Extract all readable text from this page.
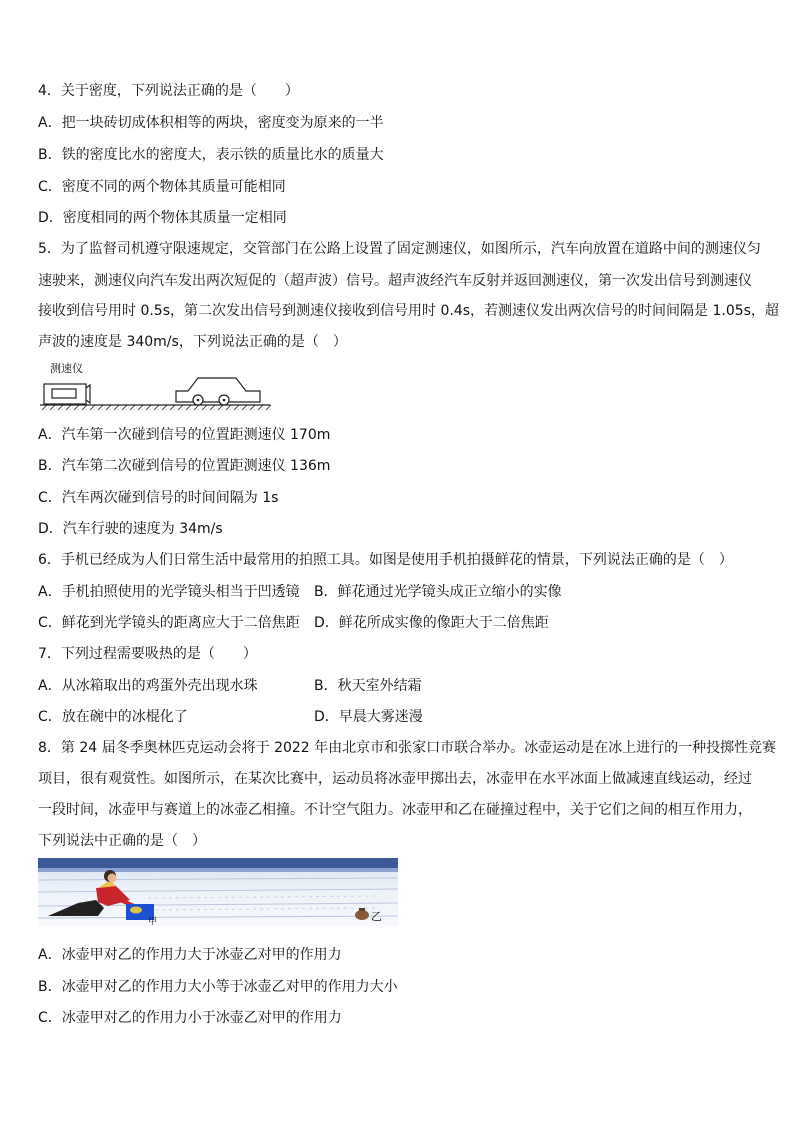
4．关于密度，下列说法正确的是（　　）
A．把一块砖切成体积相等的两块，密度变为原来的一半
B．铁的密度比水的密度大，表示铁的质量比水的质量大
C．密度不同的两个物体其质量可能相同
D．密度相同的两个物体其质量一定相同
5．为了监督司机遵守限速规定，交管部门在公路上设置了固定测速仪，如图所示，汽车向放置在道路中间的测速仪匀
速驶来，测速仪向汽车发出两次短促的（超声波）信号。超声波经汽车反射并返回测速仪，第一次发出信号到测速仪
接收到信号用时 0.5s，第二次发出信号到测速仪接收到信号用时 0.4s，若测速仪发出两次信号的时间间隔是 1.05s，超
声波的速度是 340m/s，下列说法正确的是（　）
测速仪
A．汽车第一次碰到信号的位置距测速仪 170m
B．汽车第二次碰到信号的位置距测速仪 136m
C．汽车两次碰到信号的时间间隔为 1s
D．汽车行驶的速度为 34m/s
6．手机已经成为人们日常生活中最常用的拍照工具。如图是使用手机拍摄鲜花的情景，下列说法正确的是（　）
A．手机拍照使用的光学镜头相当于凹透镜 B．鲜花通过光学镜头成正立缩小的实像
C．鲜花到光学镜头的距离应大于二倍焦距 D．鲜花所成实像的像距大于二倍焦距
7．下列过程需要吸热的是（　　）
A．从冰箱取出的鸡蛋外壳出现水珠	B．秋天室外结霜
C．放在碗中的冰棍化了	D．早晨大雾迷漫
8．第 24 届冬季奥林匹克运动会将于 2022 年由北京市和张家口市联合举办。冰壶运动是在冰上进行的一种投掷性竞赛
项目，很有观赏性。如图所示，在某次比赛中，运动员将冰壶甲掷出去，冰壶甲在水平冰面上做减速直线运动，经过
一段时间，冰壶甲与赛道上的冰壶乙相撞。不计空气阻力。冰壶甲和乙在碰撞过程中，关于它们之间的相互作用力，
下列说法中正确的是（　）
甲	乙
A．冰壶甲对乙的作用力大于冰壶乙对甲的作用力
B．冰壶甲对乙的作用力大小等于冰壶乙对甲的作用力大小
C．冰壶甲对乙的作用力小于冰壶乙对甲的作用力
